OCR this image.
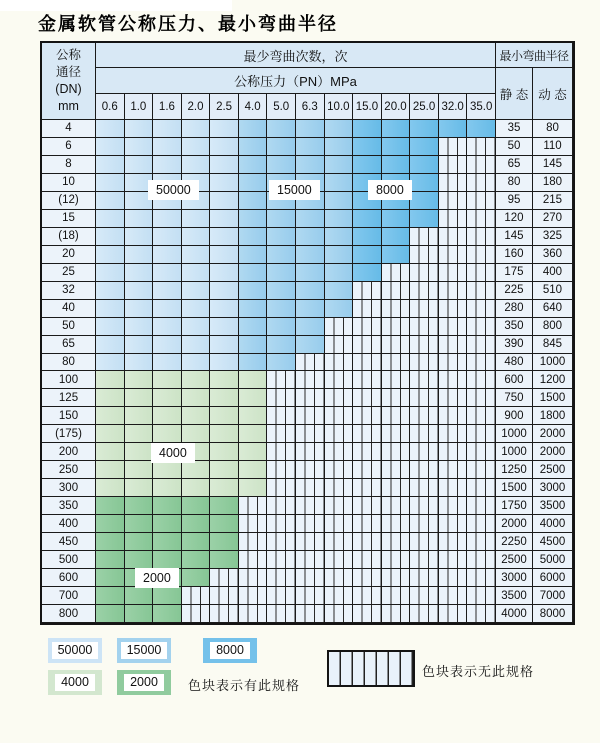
金属软管公称压力、最小弯曲半径
公称
通径
(DN)
mm
最少弯曲次数，次	最小弯曲半径
公称压力（PN）MPa
静 态 动 态
0.6	1.0	1.6	2.0	2.5	4.0	5.0	6.3 10.0 15.0 20.0 25.0 32.0 35.0
4	35	80
6	50	110
8	65	145
10	80	180
(12)	95	215
15	120	270
(18)	145	325
20	160	360
25	175	400
32	225	510
40	280	640
50	350	800
65	390	845
80	480	1000
100	600	1200
125	750	1500
150	900	1800
(175)	1000	2000
200	1000	2000
250	1250	2500
300	1500	3000
350	1750	3500
400	2000	4000
450	2250	4500
500	2500	5000
600	3000	6000
700	3500	7000
800	4000	8000
50000	15000	8000
4000
2000
色块表示有此规格
色块表示无此规格
50000	15000	8000
4000	2000
